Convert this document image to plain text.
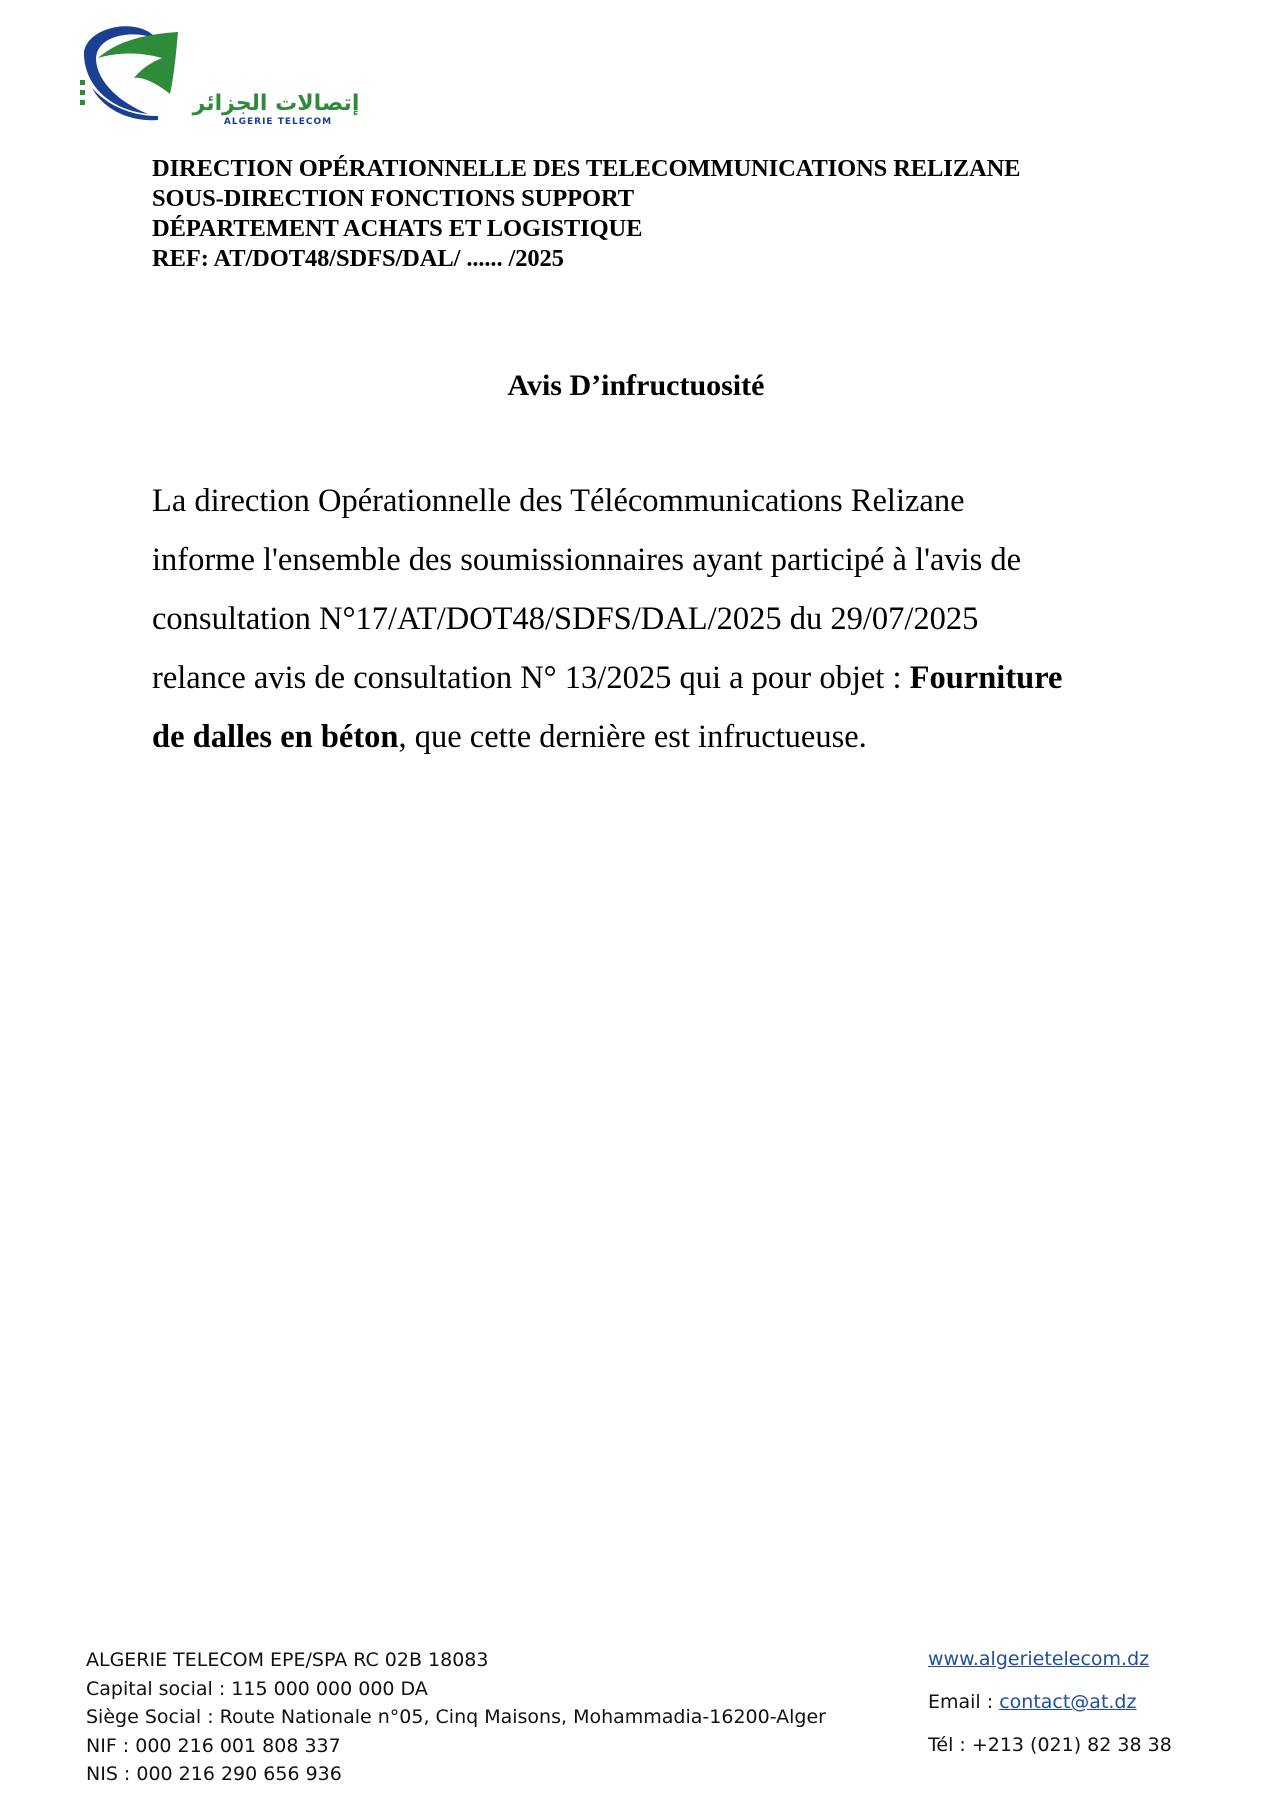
إتصالات الجزائر
ALGERIE TELECOM
DIRECTION OPÉRATIONNELLE DES TELECOMMUNICATIONS RELIZANE
SOUS-DIRECTION FONCTIONS SUPPORT
DÉPARTEMENT ACHATS ET LOGISTIQUE
REF: AT/DOT48/SDFS/DAL/ ...... /2025
Avis D’infructuosité
La direction Opérationnelle des Télécommunications Relizane
informe l'ensemble des soumissionnaires ayant participé à l'avis de
consultation N°17/AT/DOT48/SDFS/DAL/2025 du 29/07/2025
relance avis de consultation N° 13/2025 qui a pour objet : Fourniture
de dalles en béton, que cette dernière est infructueuse.
ALGERIE TELECOM EPE/SPA RC 02B 18083
Capital social : 115 000 000 000 DA
Siège Social : Route Nationale n°05, Cinq Maisons, Mohammadia-16200-Alger
NIF : 000 216 001 808 337
NIS : 000 216 290 656 936
www.algerietelecom.dz
Email : contact@at.dz
Tél : +213 (021) 82 38 38
